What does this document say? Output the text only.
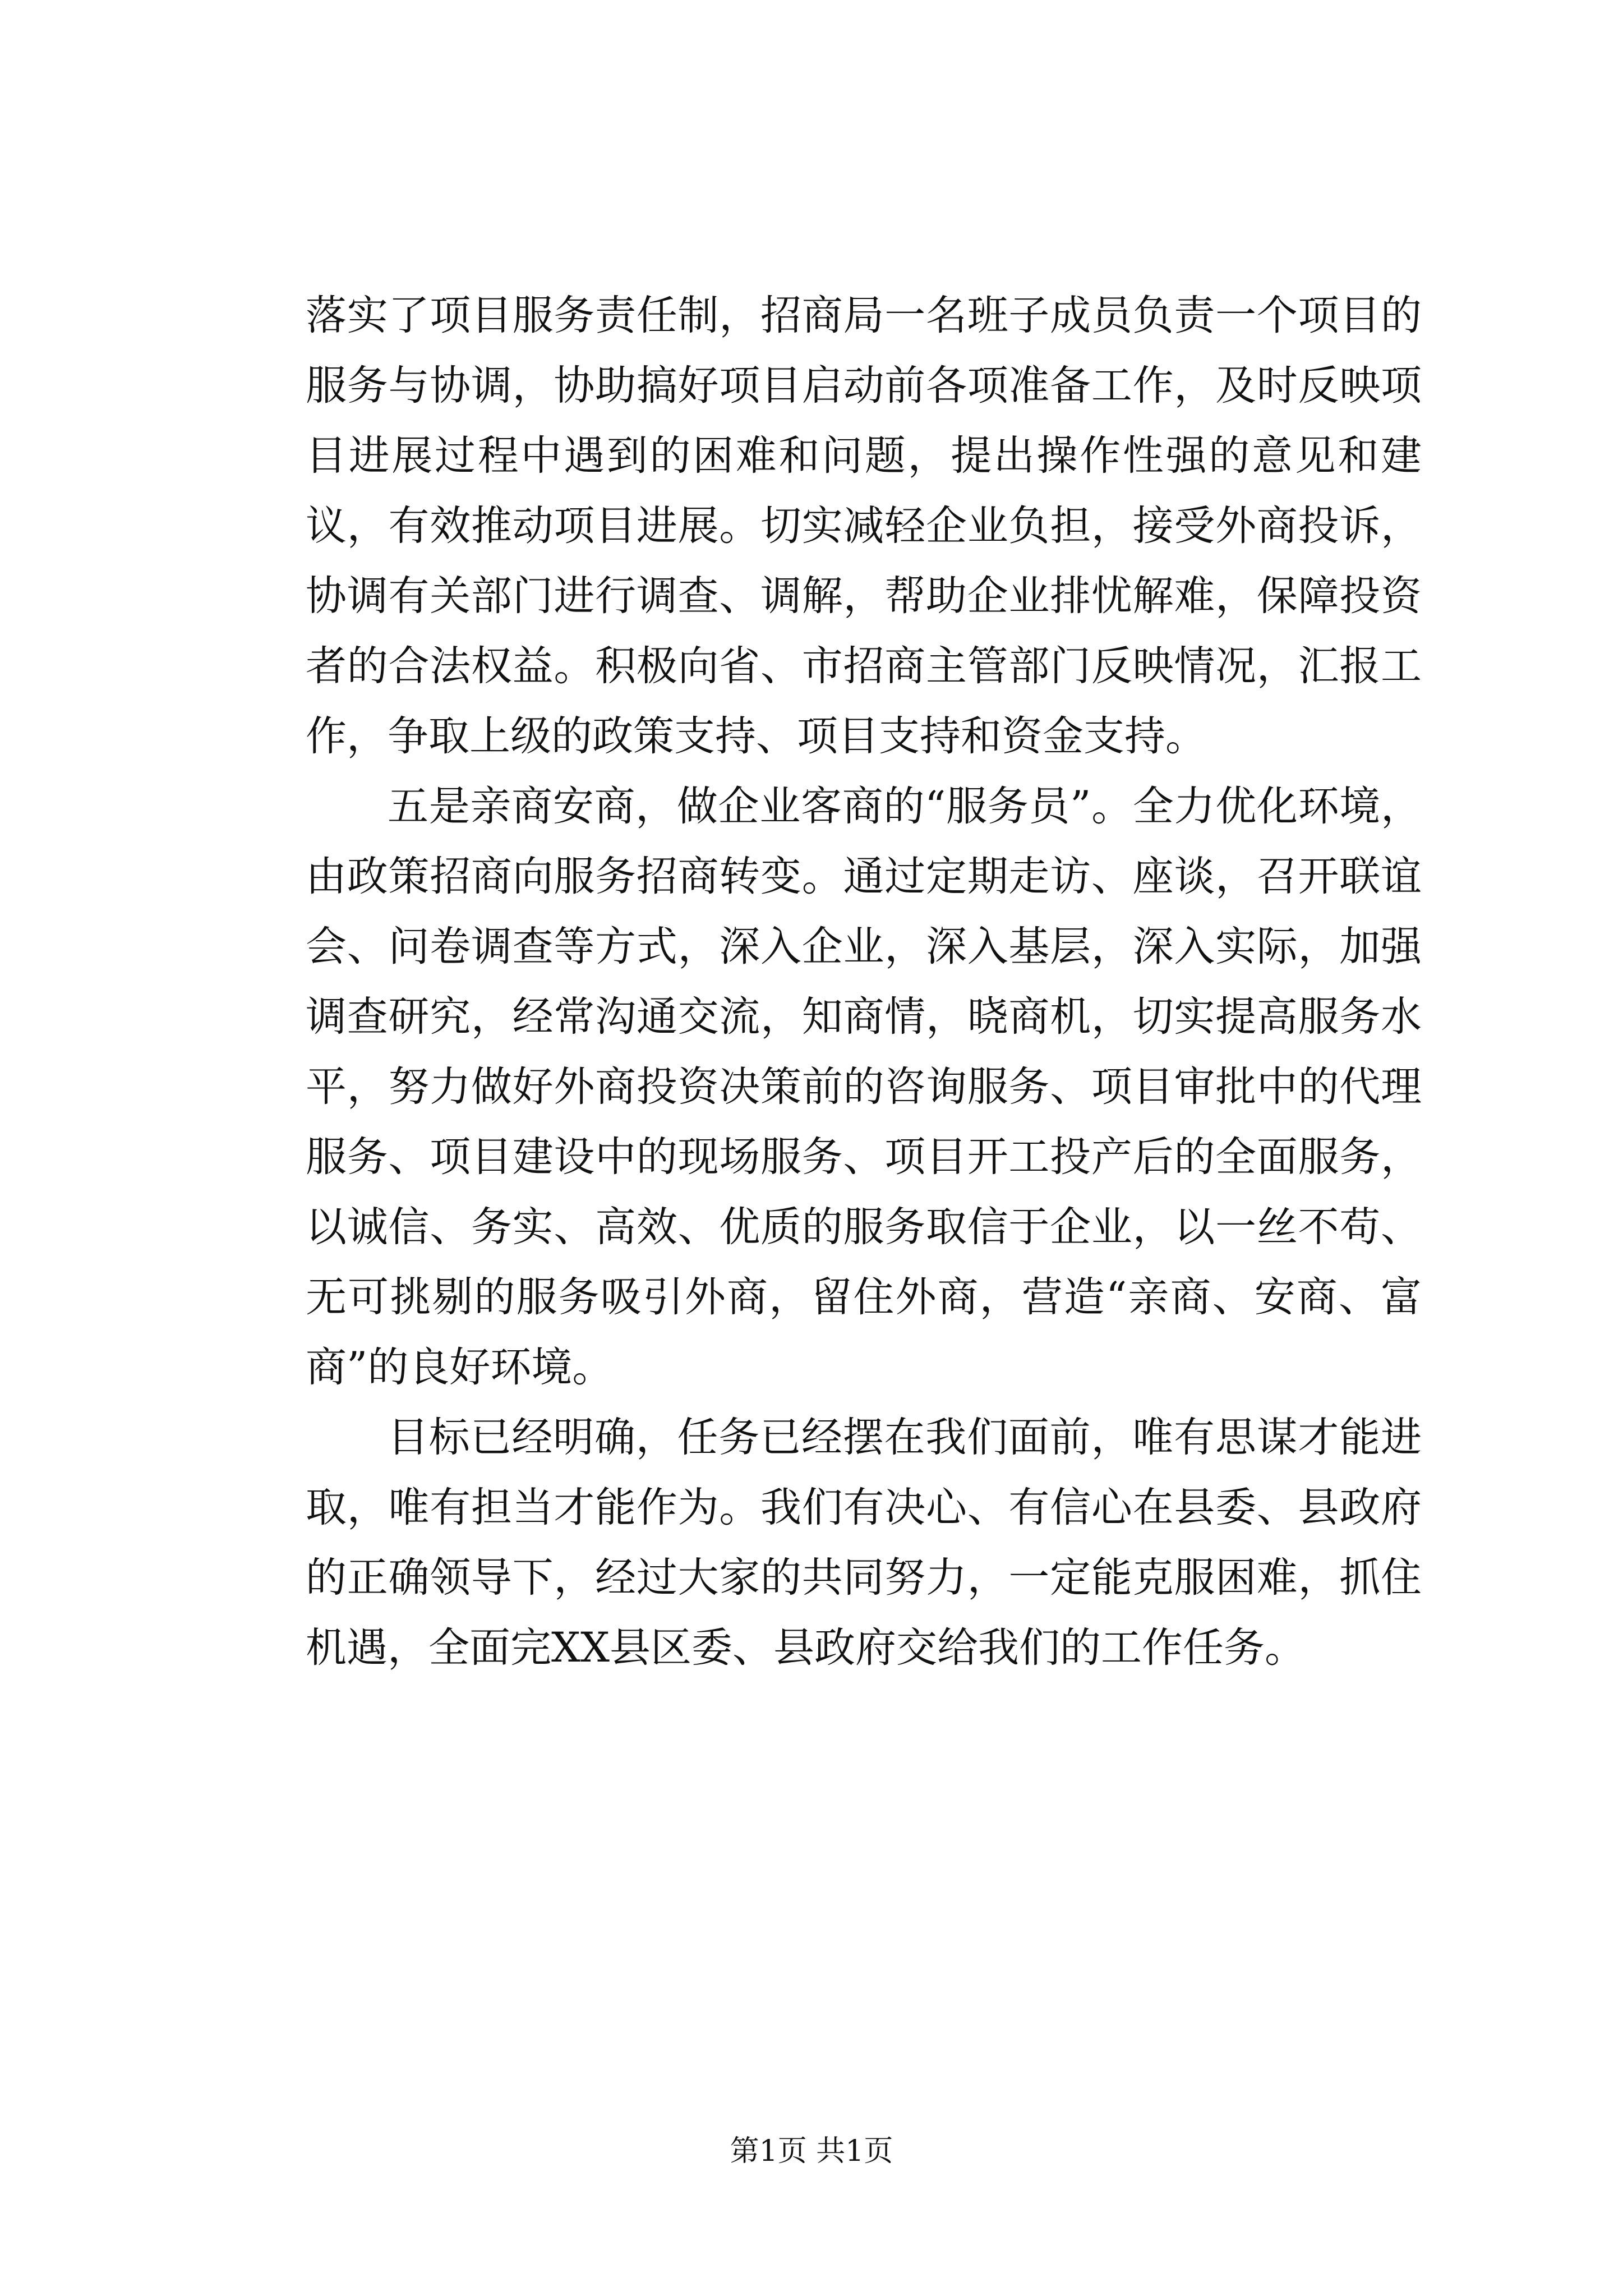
落实了项目服务责任制，招商局一名班子成员负责一个项目的服务与协调，协助搞好项目启动前各项准备工作，及时反映项目进展过程中遇到的困难和问题，提出操作性强的意见和建议，有效推动项目进展。切实减轻企业负担，接受外商投诉，协调有关部门进行调查、调解，帮助企业排忧解难，保障投资者的合法权益。积极向省、市招商主管部门反映情况，汇报工作，争取上级的政策支持、项目支持和资金支持。

五是亲商安商，做企业客商的“服务员”。全力优化环境，由政策招商向服务招商转变。通过定期走访、座谈，召开联谊会、问卷调查等方式，深入企业，深入基层，深入实际，加强调查研究，经常沟通交流，知商情，晓商机，切实提高服务水平，努力做好外商投资决策前的咨询服务、项目审批中的代理服务、项目建设中的现场服务、项目开工投产后的全面服务，以诚信、务实、高效、优质的服务取信于企业，以一丝不苟、无可挑剔的服务吸引外商，留住外商，营造“亲商、安商、富商”的良好环境。

目标已经明确，任务已经摆在我们面前，唯有思谋才能进取，唯有担当才能作为。我们有决心、有信心在县委、县政府的正确领导下，经过大家的共同努力，一定能克服困难，抓住机遇，全面完XX县区委、县政府交给我们的工作任务。

第1页 共1页
